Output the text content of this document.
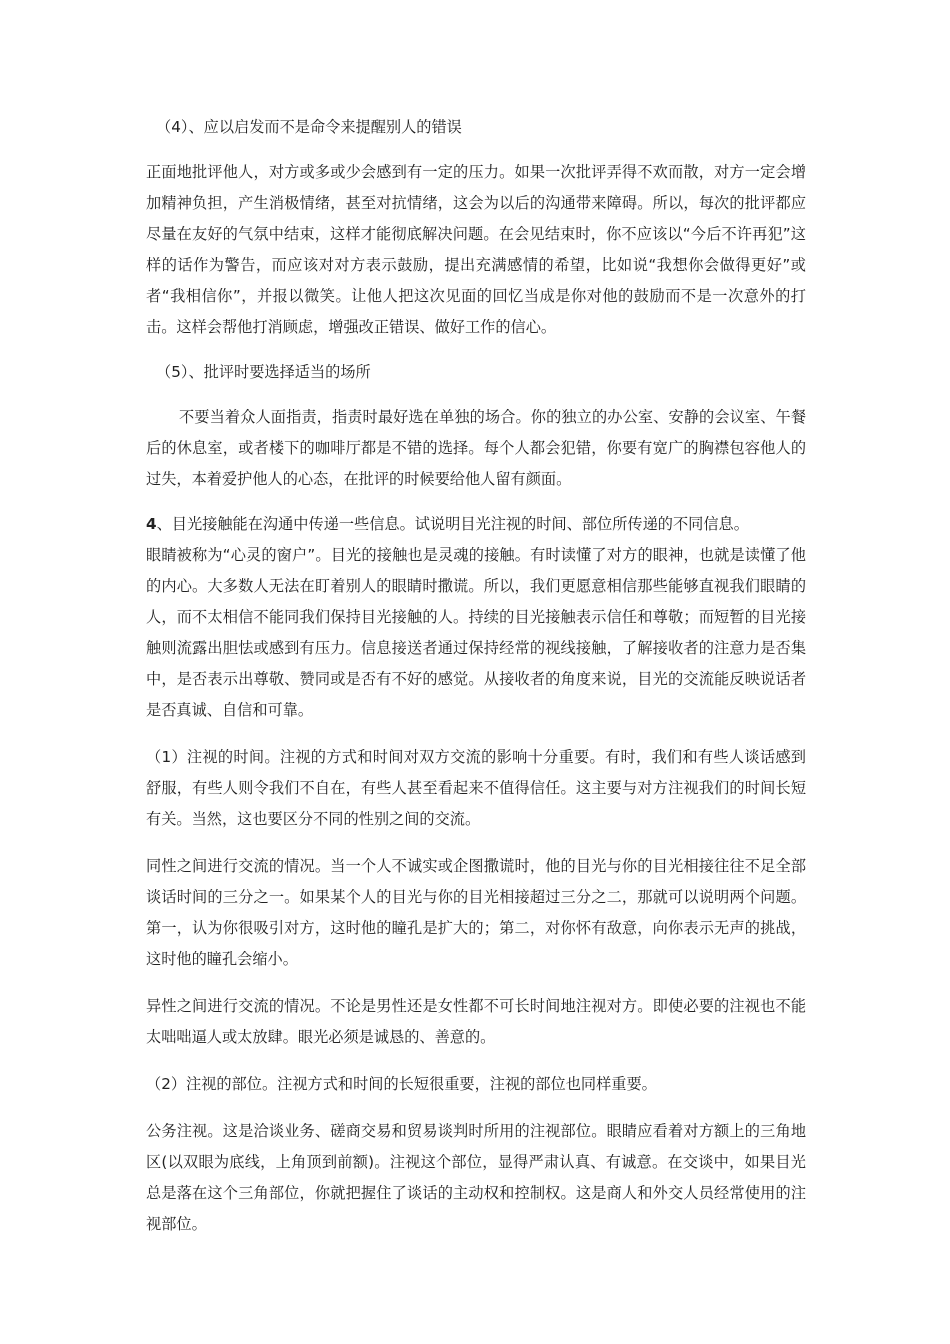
（4）、应以启发而不是命令来提醒别人的错误

正面地批评他人，对方或多或少会感到有一定的压力。如果一次批评弄得不欢而散，对方一定会增加精神负担，产生消极情绪，甚至对抗情绪，这会为以后的沟通带来障碍。所以，每次的批评都应尽量在友好的气氛中结束，这样才能彻底解决问题。在会见结束时，你不应该以“今后不许再犯”这样的话作为警告，而应该对对方表示鼓励，提出充满感情的希望，比如说“我想你会做得更好”或者“我相信你”，并报以微笑。让他人把这次见面的回忆当成是你对他的鼓励而不是一次意外的打击。这样会帮他打消顾虑，增强改正错误、做好工作的信心。

（5）、批评时要选择适当的场所

不要当着众人面指责，指责时最好选在单独的场合。你的独立的办公室、安静的会议室、午餐后的休息室，或者楼下的咖啡厅都是不错的选择。每个人都会犯错，你要有宽广的胸襟包容他人的过失，本着爱护他人的心态，在批评的时候要给他人留有颜面。

4、目光接触能在沟通中传递一些信息。试说明目光注视的时间、部位所传递的不同信息。

眼睛被称为“心灵的窗户”。目光的接触也是灵魂的接触。有时读懂了对方的眼神，也就是读懂了他的内心。大多数人无法在盯着别人的眼睛时撒谎。所以，我们更愿意相信那些能够直视我们眼睛的人，而不太相信不能同我们保持目光接触的人。持续的目光接触表示信任和尊敬；而短暂的目光接触则流露出胆怯或感到有压力。信息接送者通过保持经常的视线接触，了解接收者的注意力是否集中，是否表示出尊敬、赞同或是否有不好的感觉。从接收者的角度来说，目光的交流能反映说话者是否真诚、自信和可靠。

（1）注视的时间。注视的方式和时间对双方交流的影响十分重要。有时，我们和有些人谈话感到舒服，有些人则令我们不自在，有些人甚至看起来不值得信任。这主要与对方注视我们的时间长短有关。当然，这也要区分不同的性别之间的交流。

同性之间进行交流的情况。当一个人不诚实或企图撒谎时，他的目光与你的目光相接往往不足全部谈话时间的三分之一。如果某个人的目光与你的目光相接超过三分之二，那就可以说明两个问题。第一，认为你很吸引对方，这时他的瞳孔是扩大的；第二，对你怀有敌意，向你表示无声的挑战，这时他的瞳孔会缩小。

异性之间进行交流的情况。不论是男性还是女性都不可长时间地注视对方。即使必要的注视也不能太咄咄逼人或太放肆。眼光必须是诚恳的、善意的。

（2）注视的部位。注视方式和时间的长短很重要，注视的部位也同样重要。

公务注视。这是洽谈业务、磋商交易和贸易谈判时所用的注视部位。眼睛应看着对方额上的三角地区(以双眼为底线，上角顶到前额)。注视这个部位，显得严肃认真、有诚意。在交谈中，如果目光总是落在这个三角部位，你就把握住了谈话的主动权和控制权。这是商人和外交人员经常使用的注视部位。
